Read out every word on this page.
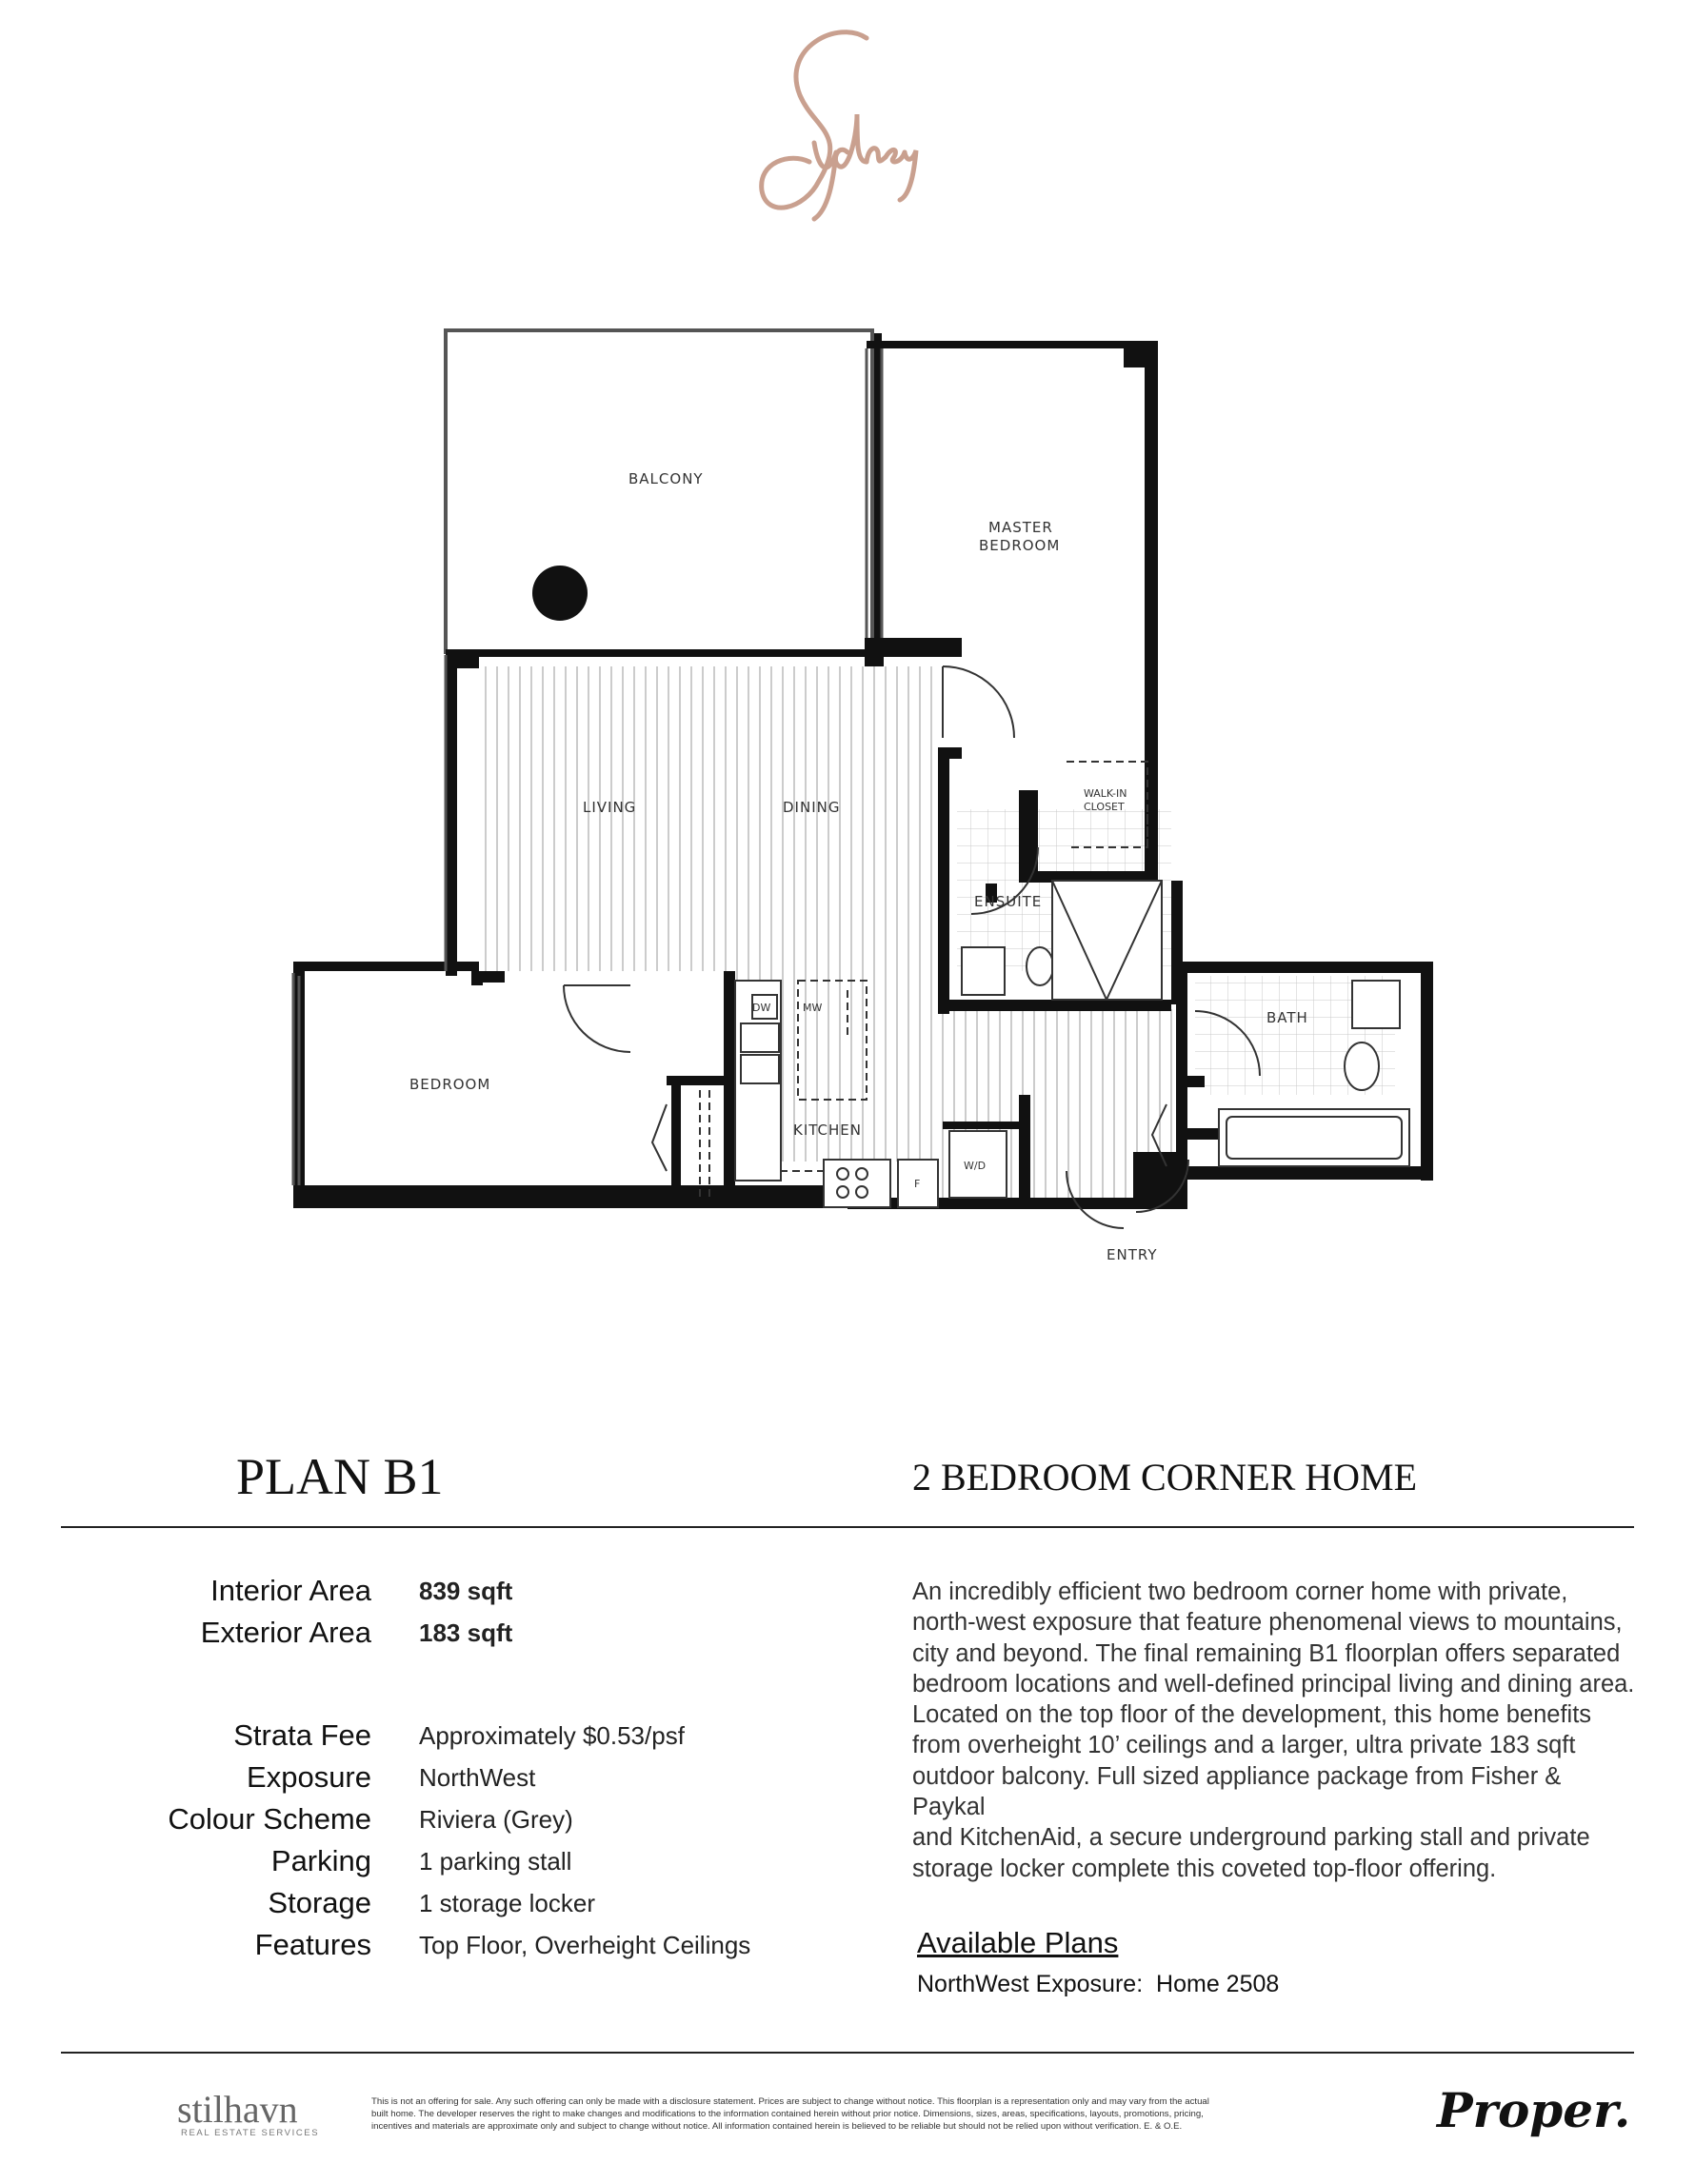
Sydney
BALCONY
MASTER
BEDROOM
WALK-IN
CLOSET
LIVING	DINING
ENSUITE
BEDROOM
KITCHEN
BATH
ENTRY
DW	MW
W/D
F
PLAN B1	2 BEDROOM CORNER HOME
Interior Area 839 sqft
Exterior Area 183 sqft
Strata Fee Approximately $0.53/psf
Exposure NorthWest
Colour Scheme Riviera (Grey)
Parking 1 parking stall
Storage 1 storage locker
Features Top Floor, Overheight Ceilings
An incredibly efficient two bedroom corner home with private,
north-west exposure that feature phenomenal views to mountains,
city and beyond. The final remaining B1 floorplan offers separated
bedroom locations and well-defined principal living and dining area.
Located on the top floor of the development, this home benefits
from overheight 10’ ceilings and a larger, ultra private 183 sqft
outdoor balcony. Full sized appliance package from Fisher & Paykal
and KitchenAid, a secure underground parking stall and private
storage locker complete this coveted top-floor offering.
Available Plans
NorthWest Exposure: Home 2508
stilhavn
REAL ESTATE SERVICES
This is not an offering for sale. Any such offering can only be made with a disclosure statement. Prices are subject to change without notice. This floorplan is a representation only and may vary from the actual
built home. The developer reserves the right to make changes and modifications to the information contained herein without prior notice. Dimensions, sizes, areas, specifications, layouts, promotions, pricing,
incentives and materials are approximate only and subject to change without notice. All information contained herein is believed to be reliable but should not be relied upon without verification. E. & O.E.	Proper.
